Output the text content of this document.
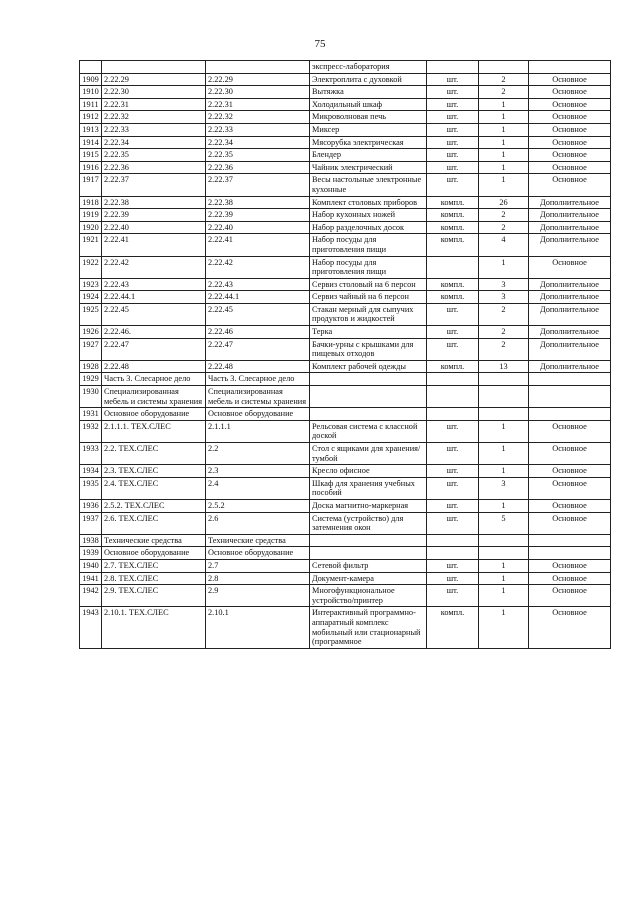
75
			экспресс-лаборатория			
1909	2.22.29	2.22.29	Электроплита с духовкой	шт.	2	Основное
1910	2.22.30	2.22.30	Вытяжка	шт.	2	Основное
1911	2.22.31	2.22.31	Холодильный шкаф	шт.	1	Основное
1912	2.22.32	2.22.32	Микроволновая печь	шт.	1	Основное
1913	2.22.33	2.22.33	Миксер	шт.	1	Основное
1914	2.22.34	2.22.34	Мясорубка электрическая	шт.	1	Основное
1915	2.22.35	2.22.35	Блендер	шт.	1	Основное
1916	2.22.36	2.22.36	Чайник электрический	шт.	1	Основное
1917	2.22.37	2.22.37	Весы настольные электронные кухонные	шт.	1	Основное
1918	2.22.38	2.22.38	Комплект столовых приборов	компл.	26	Дополнительное
1919	2.22.39	2.22.39	Набор кухонных ножей	компл.	2	Дополнительное
1920	2.22.40	2.22.40	Набор разделочных досок	компл.	2	Дополнительное
1921	2.22.41	2.22.41	Набор посуды для приготовления пищи	компл.	4	Дополнительное
1922	2.22.42	2.22.42	Набор посуды для приготовления пищи		1	Основное
1923	2.22.43	2.22.43	Сервиз столовый на 6 персон	компл.	3	Дополнительное
1924	2.22.44.1	2.22.44.1	Сервиз чайный на 6 персон	компл.	3	Дополнительное
1925	2.22.45	2.22.45	Стакан мерный для сыпучих продуктов и жидкостей	шт.	2	Дополнительное
1926	2.22.46.	2.22.46	Терка	шт.	2	Дополнительное
1927	2.22.47	2.22.47	Бачки-урны с крышками для пищевых отходов	шт.	2	Дополнительное
1928	2.22.48	2.22.48	Комплект рабочей одежды	компл.	13	Дополнительное
1929	Часть 3. Слесарное дело	Часть 3. Слесарное дело				
1930	Специализированная мебель и системы хранения	Специализированная мебель и системы хранения				
1931	Основное оборудование	Основное оборудование				
1932	2.1.1.1. ТЕХ.СЛЕС	2.1.1.1	Рельсовая система с классной доской	шт.	1	Основное
1933	2.2. ТЕХ.СЛЕС	2.2	Стол с ящиками для хранения/тумбой	шт.	1	Основное
1934	2.3. ТЕХ.СЛЕС	2.3	Кресло офисное	шт.	1	Основное
1935	2.4. ТЕХ.СЛЕС	2.4	Шкаф для хранения учебных пособий	шт.	3	Основное
1936	2.5.2. ТЕХ.СЛЕС	2.5.2	Доска магнитно-маркерная	шт.	1	Основное
1937	2.6. ТЕХ.СЛЕС	2.6	Система (устройство) для затемнения окон	шт.	5	Основное
1938	Технические средства	Технические средства				
1939	Основное оборудование	Основное оборудование				
1940	2.7. ТЕХ.СЛЕС	2.7	Сетевой фильтр	шт.	1	Основное
1941	2.8. ТЕХ.СЛЕС	2.8	Документ-камера	шт.	1	Основное
1942	2.9. ТЕХ.СЛЕС	2.9	Многофункциональное устройство/принтер	шт.	1	Основное
1943	2.10.1. ТЕХ.СЛЕС	2.10.1	Интерактивный программно-аппаратный комплекс мобильный или стационарный (программное	компл.	1	Основное
